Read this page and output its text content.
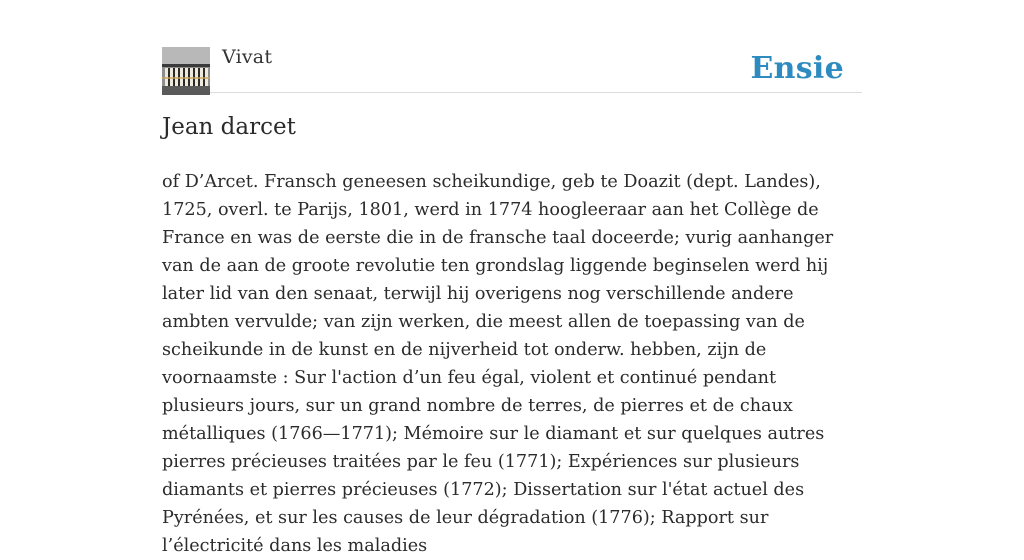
Vivat	Ensie
Jean darcet

of D’Arcet. Fransch geneesen scheikundige, geb te Doazit (dept. Landes), 1725, overl. te Parijs, 1801, werd in 1774 hoogleeraar aan het Collège de France en was de eerste die in de fransche taal doceerde; vurig aanhanger van de aan de groote revolutie ten grondslag liggende beginselen werd hij later lid van den senaat, terwijl hij overigens nog verschillende andere ambten vervulde; van zijn werken, die meest allen de toepassing van de scheikunde in de kunst en de nijverheid tot onderw. hebben, zijn de voornaamste : Sur l'action d’un feu égal, violent et continué pendant plusieurs jours, sur un grand nombre de terres, de pierres et de chaux métalliques (1766—1771); Mémoire sur le diamant et sur quelques autres pierres précieuses traitées par le feu (1771); Expériences sur plusieurs diamants et pierres précieuses (1772); Dissertation sur l'état actuel des Pyrénées, et sur les causes de leur dégradation (1776); Rapport sur l’électricité dans les maladies
